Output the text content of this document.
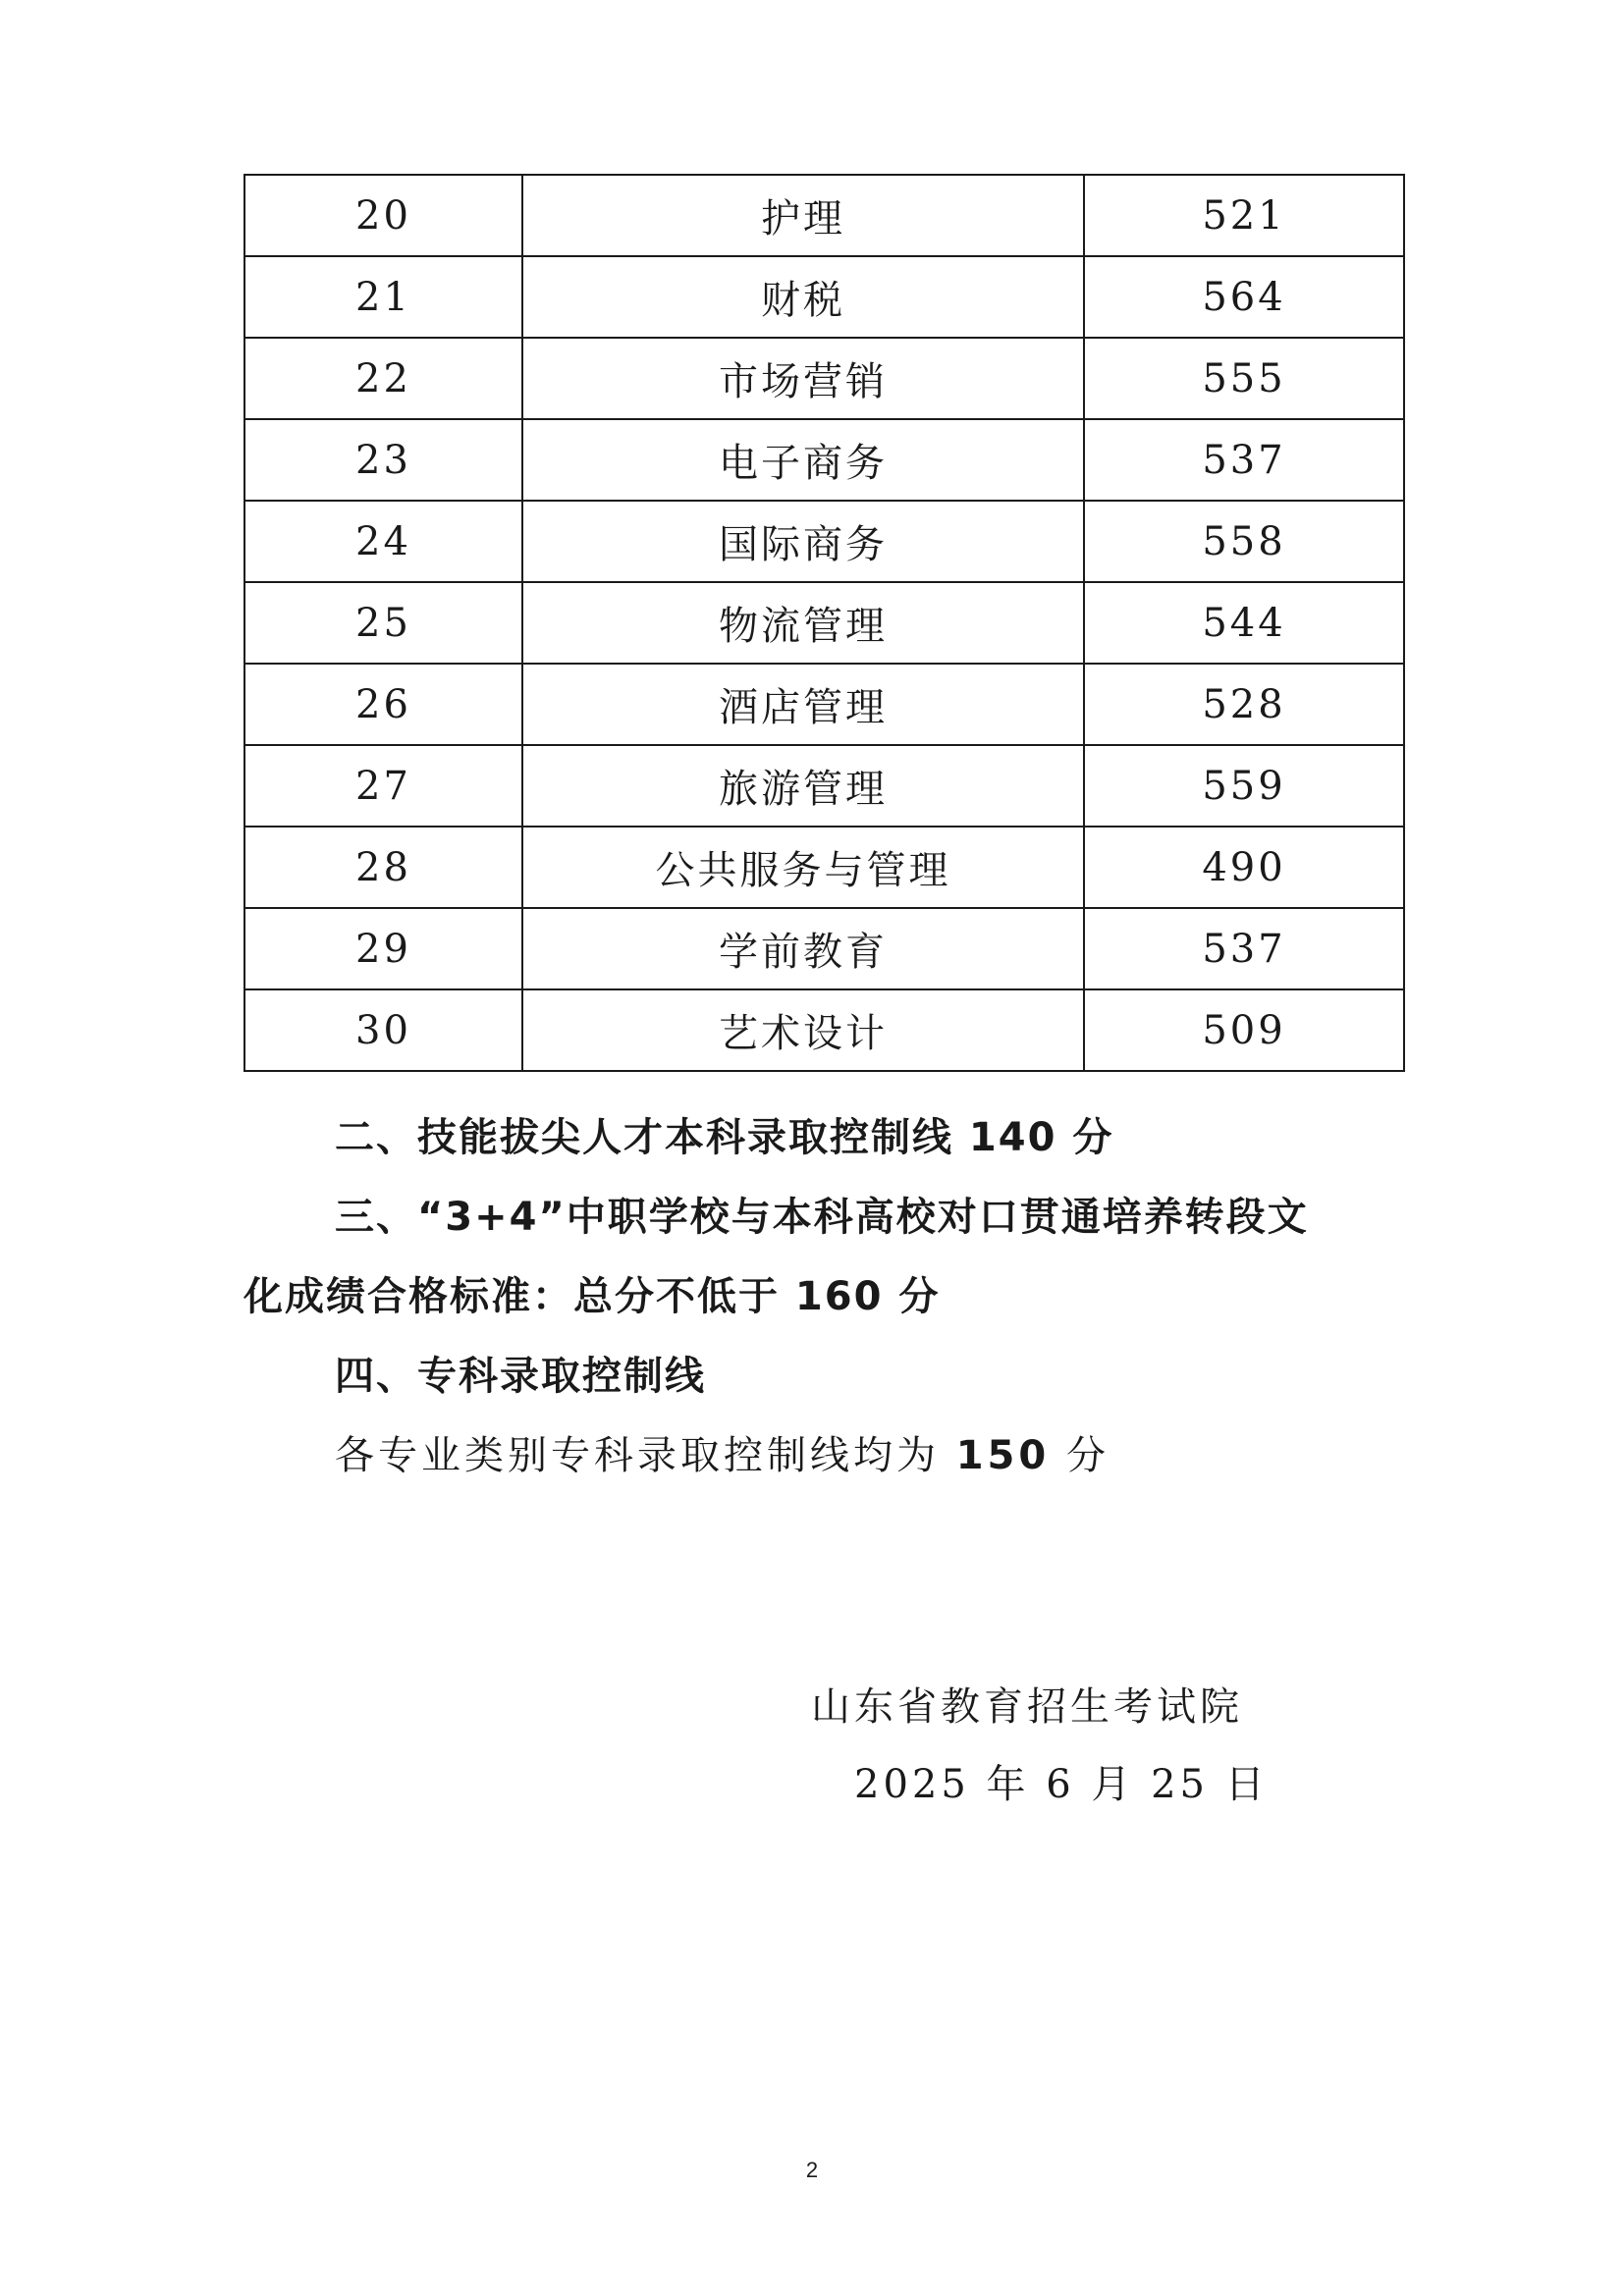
20	护理	521
21	财税	564
22	市场营销	555
23	电子商务	537
24	国际商务	558
25	物流管理	544
26	酒店管理	528
27	旅游管理	559
28	公共服务与管理	490
29	学前教育	537
30	艺术设计	509

二、技能拔尖人才本科录取控制线 140 分

三、“3+4”中职学校与本科高校对口贯通培养转段文

化成绩合格标准：总分不低于 160 分

四、专科录取控制线

各专业类别专科录取控制线均为 150 分

山东省教育招生考试院

2025 年 6 月 25 日

2
